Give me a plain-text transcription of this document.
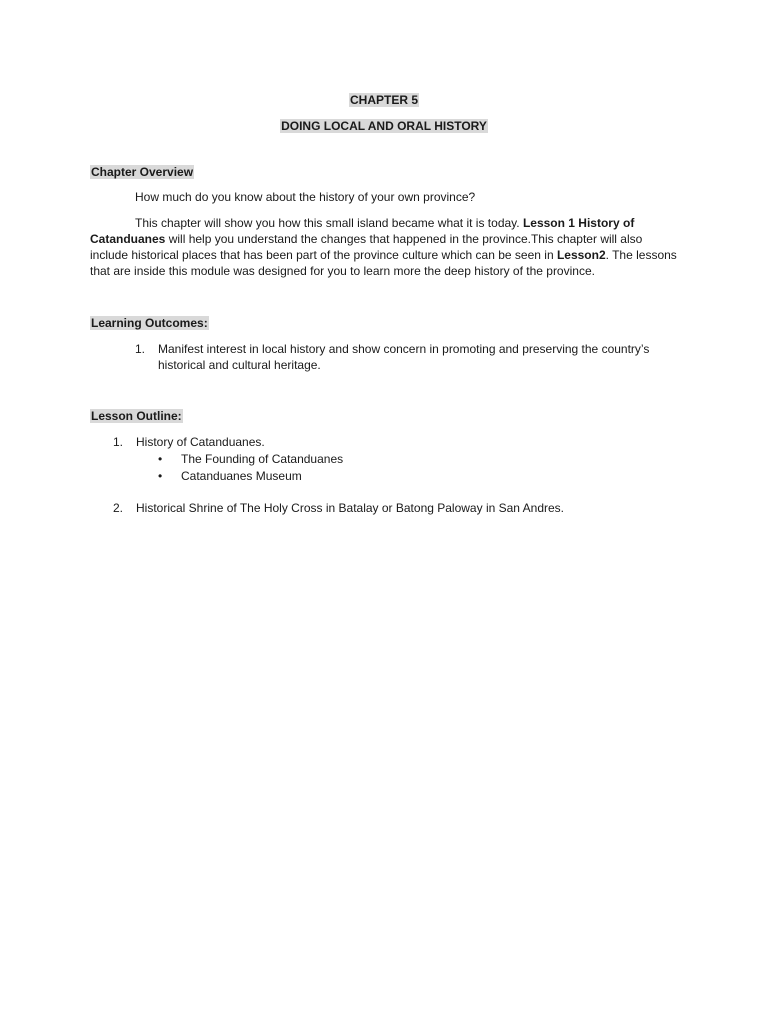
CHAPTER 5
DOING LOCAL AND ORAL HISTORY
Chapter Overview
How much do you know about the history of your own province?
This chapter will show you how this small island became what it is today. Lesson 1 History of Catanduanes will help you understand the changes that happened in the province.This chapter will also include historical places that has been part of the province culture which can be seen in Lesson2. The lessons that are inside this module was designed for you to learn more the deep history of the province.
Learning Outcomes:
1. Manifest interest in local history and show concern in promoting and preserving the country’s historical and cultural heritage.
Lesson Outline:
1. History of Catanduanes.
• The Founding of Catanduanes
• Catanduanes Museum
2. Historical Shrine of The Holy Cross in Batalay or Batong Paloway in San Andres.
